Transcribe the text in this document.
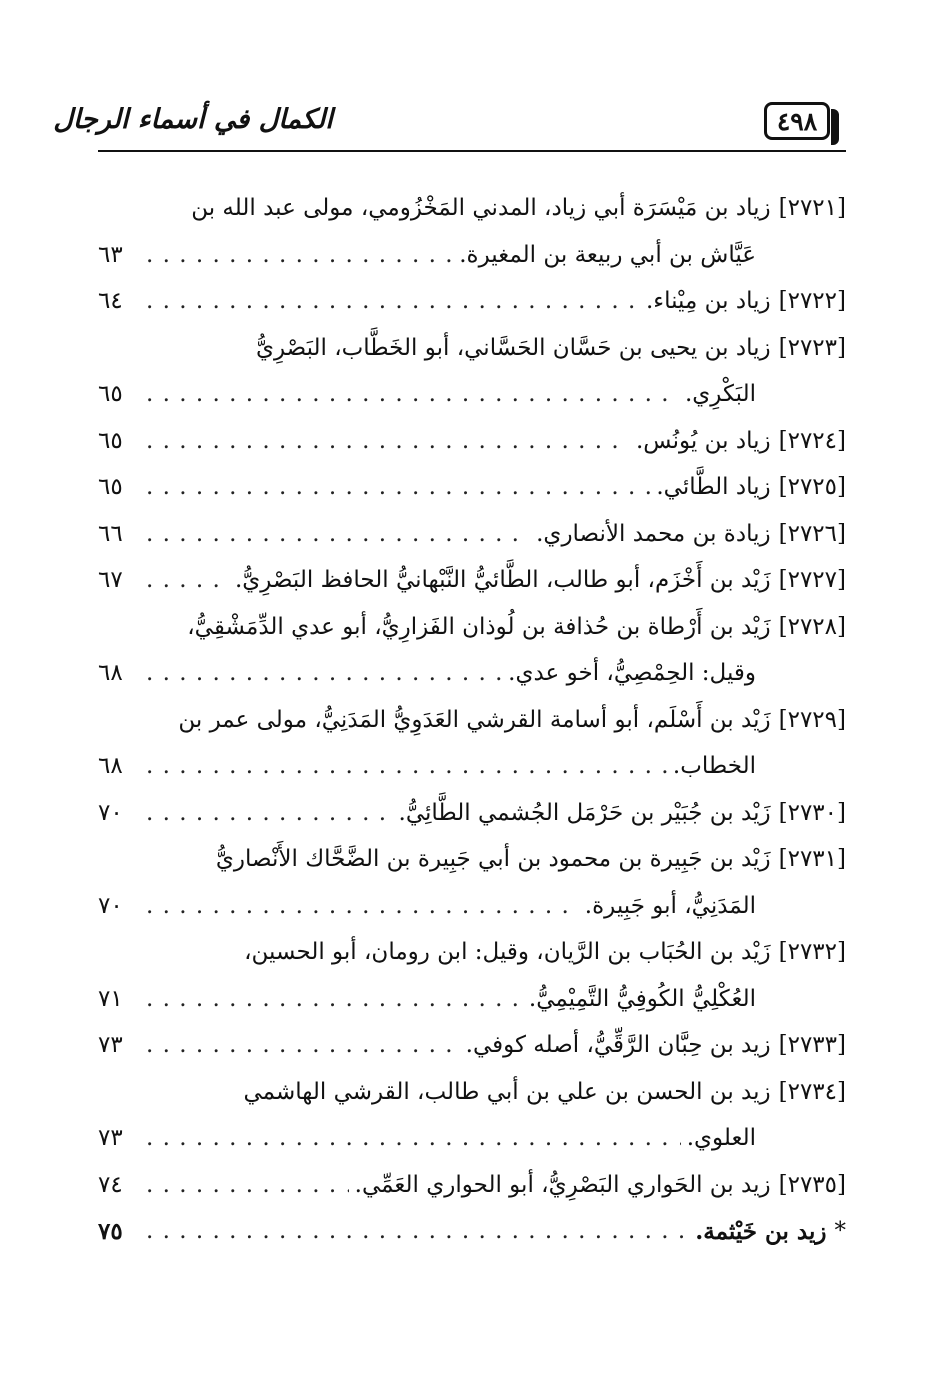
٤٩٨
الكمال في أسماء الرجال
[٢٧٢١]
زياد بن مَيْسَرَة أبي زياد، المدني المَخْزُومي، مولى عبد الله بن
عَيَّاش بن أبي ربيعة بن المغيرة.
. . .
٦٣
[٢٧٢٢]
زياد بن مِيْناء.
. . .
٦٤
[٢٧٢٣]
زياد بن يحيى بن حَسَّان الحَسَّاني، أبو الخَطَّاب، البَصْرِيُّ
البَكْرِي.
. . .
٦٥
[٢٧٢٤]
زياد بن يُونُس.
. . .
٦٥
[٢٧٢٥]
زياد الطَّائي.
. . .
٦٥
[٢٧٢٦]
زيادة بن محمد الأنصاري.
. . .
٦٦
[٢٧٢٧]
زَيْد بن أَخْزَم، أبو طالب، الطَّائيُّ النَّبْهانيُّ الحافظ البَصْرِيُّ.
. . .
٦٧
[٢٧٢٨]
زَيْد بن أَرْطاة بن حُذافة بن لُوذان الفَزارِيُّ، أبو عدي الدِّمَشْقِيُّ،
وقيل: الحِمْصِيُّ، أخو عدي.
. . .
٦٨
[٢٧٢٩]
زَيْد بن أَسْلَم، أبو أسامة القرشي العَدَوِيُّ المَدَنِيُّ، مولى عمر بن
الخطاب.
. . .
٦٨
[٢٧٣٠]
زَيْد بن جُبَيْر بن حَرْمَل الجُشمي الطَّائِيُّ.
. . .
٧٠
[٢٧٣١]
زَيْد بن جَبِيرة بن محمود بن أبي جَبِيرة بن الضَّحَّاك الأَنْصاريُّ
المَدَنِيُّ، أبو جَبِيرة.
. . .
٧٠
[٢٧٣٢]
زَيْد بن الحُبَاب بن الرَّيان، وقيل: ابن رومان، أبو الحسين،
العُكْلِيُّ الكُوفِيُّ التَّمِيْمِيُّ.
. . .
٧١
[٢٧٣٣]
زيد بن حِبَّان الرَّقِّيُّ، أصله كوفي.
. . .
٧٣
[٢٧٣٤]
زيد بن الحسن بن علي بن أبي طالب، القرشي الهاشمي
العلوي.
. . .
٧٣
[٢٧٣٥]
زيد بن الحَواري البَصْرِيُّ، أبو الحواري العَمِّي.
. . .
٧٤
*
زيد بن خَيْثمة.
. . .
٧٥
